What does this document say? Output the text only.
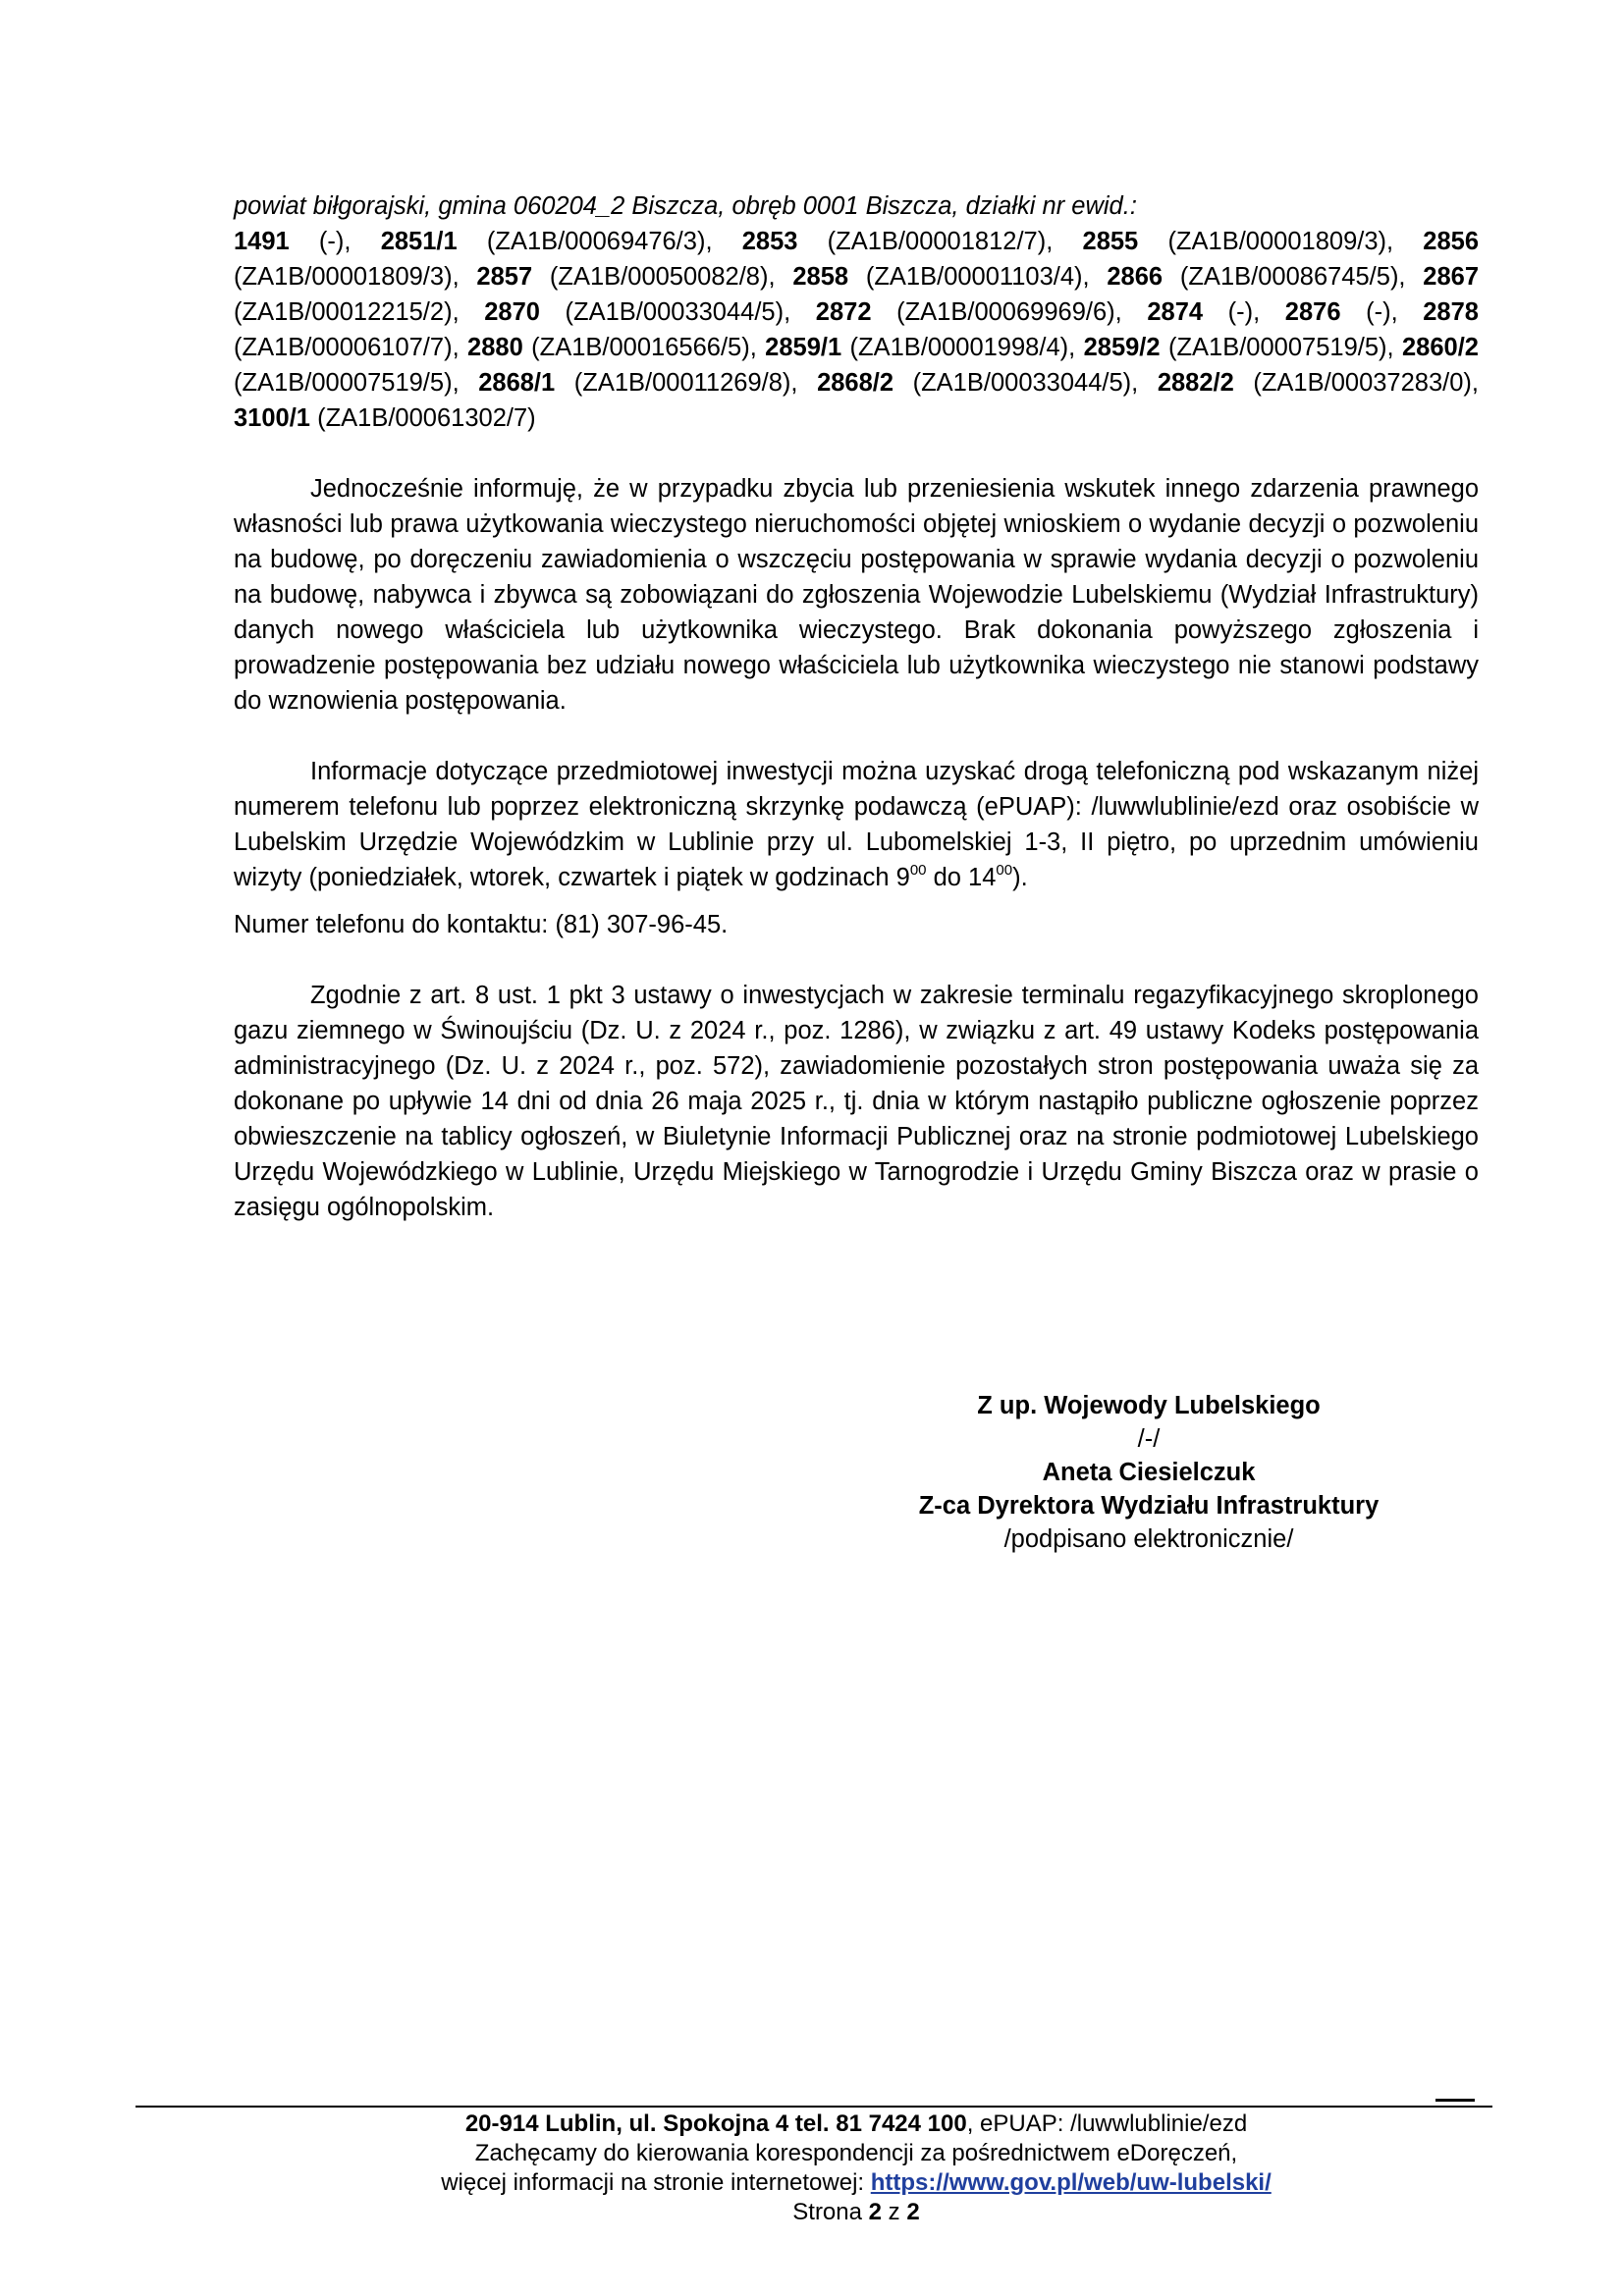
powiat biłgorajski, gmina 060204_2 Biszcza, obręb 0001 Biszcza, działki nr ewid.:

1491 (-), 2851/1 (ZA1B/00069476/3), 2853 (ZA1B/00001812/7), 2855 (ZA1B/00001809/3), 2856 (ZA1B/00001809/3), 2857 (ZA1B/00050082/8), 2858 (ZA1B/00001103/4), 2866 (ZA1B/00086745/5), 2867 (ZA1B/00012215/2), 2870 (ZA1B/00033044/5), 2872 (ZA1B/00069969/6), 2874 (-), 2876 (-), 2878 (ZA1B/00006107/7), 2880 (ZA1B/00016566/5), 2859/1 (ZA1B/00001998/4), 2859/2 (ZA1B/00007519/5), 2860/2 (ZA1B/00007519/5), 2868/1 (ZA1B/00011269/8), 2868/2 (ZA1B/00033044/5), 2882/2 (ZA1B/00037283/0), 3100/1 (ZA1B/00061302/7)

Jednocześnie informuję, że w przypadku zbycia lub przeniesienia wskutek innego zdarzenia prawnego własności lub prawa użytkowania wieczystego nieruchomości objętej wnioskiem o wydanie decyzji o pozwoleniu na budowę, po doręczeniu zawiadomienia o wszczęciu postępowania w sprawie wydania decyzji o pozwoleniu na budowę, nabywca i zbywca są zobowiązani do zgłoszenia Wojewodzie Lubelskiemu (Wydział Infrastruktury) danych nowego właściciela lub użytkownika wieczystego. Brak dokonania powyższego zgłoszenia i prowadzenie postępowania bez udziału nowego właściciela lub użytkownika wieczystego nie stanowi podstawy do wznowienia postępowania.

Informacje dotyczące przedmiotowej inwestycji można uzyskać drogą telefoniczną pod wskazanym niżej numerem telefonu lub poprzez elektroniczną skrzynkę podawczą (ePUAP): /luwwlublinie/ezd oraz osobiście w Lubelskim Urzędzie Wojewódzkim w Lublinie przy ul. Lubomelskiej 1-3, II piętro, po uprzednim umówieniu wizyty (poniedziałek, wtorek, czwartek i piątek w godzinach $9^{00}$ do $14^{00}$).

Numer telefonu do kontaktu: (81) 307-96-45.

Zgodnie z art. 8 ust. 1 pkt 3 ustawy o inwestycjach w zakresie terminalu regazyfikacyjnego skroplonego gazu ziemnego w Świnoujściu (Dz. U. z 2024 r., poz. 1286), w związku z art. 49 ustawy Kodeks postępowania administracyjnego (Dz. U. z 2024 r., poz. 572), zawiadomienie pozostałych stron postępowania uważa się za dokonane po upływie 14 dni od dnia 26 maja 2025 r., tj. dnia w którym nastąpiło publiczne ogłoszenie poprzez obwieszczenie na tablicy ogłoszeń, w Biuletynie Informacji Publicznej oraz na stronie podmiotowej Lubelskiego Urzędu Wojewódzkiego w Lublinie, Urzędu Miejskiego w Tarnogrodzie i Urzędu Gminy Biszcza oraz w prasie o zasięgu ogólnopolskim.

Z up. Wojewody Lubelskiego
/-/
Aneta Ciesielczuk
Z-ca Dyrektora Wydziału Infrastruktury
/podpisano elektronicznie/
20-914 Lublin, ul. Spokojna 4 tel. 81 7424 100, ePUAP: /luwwlublinie/ezd
Zachęcamy do kierowania korespondencji za pośrednictwem eDoręczeń,
więcej informacji na stronie internetowej: https://www.gov.pl/web/uw-lubelski/
Strona 2 z 2
